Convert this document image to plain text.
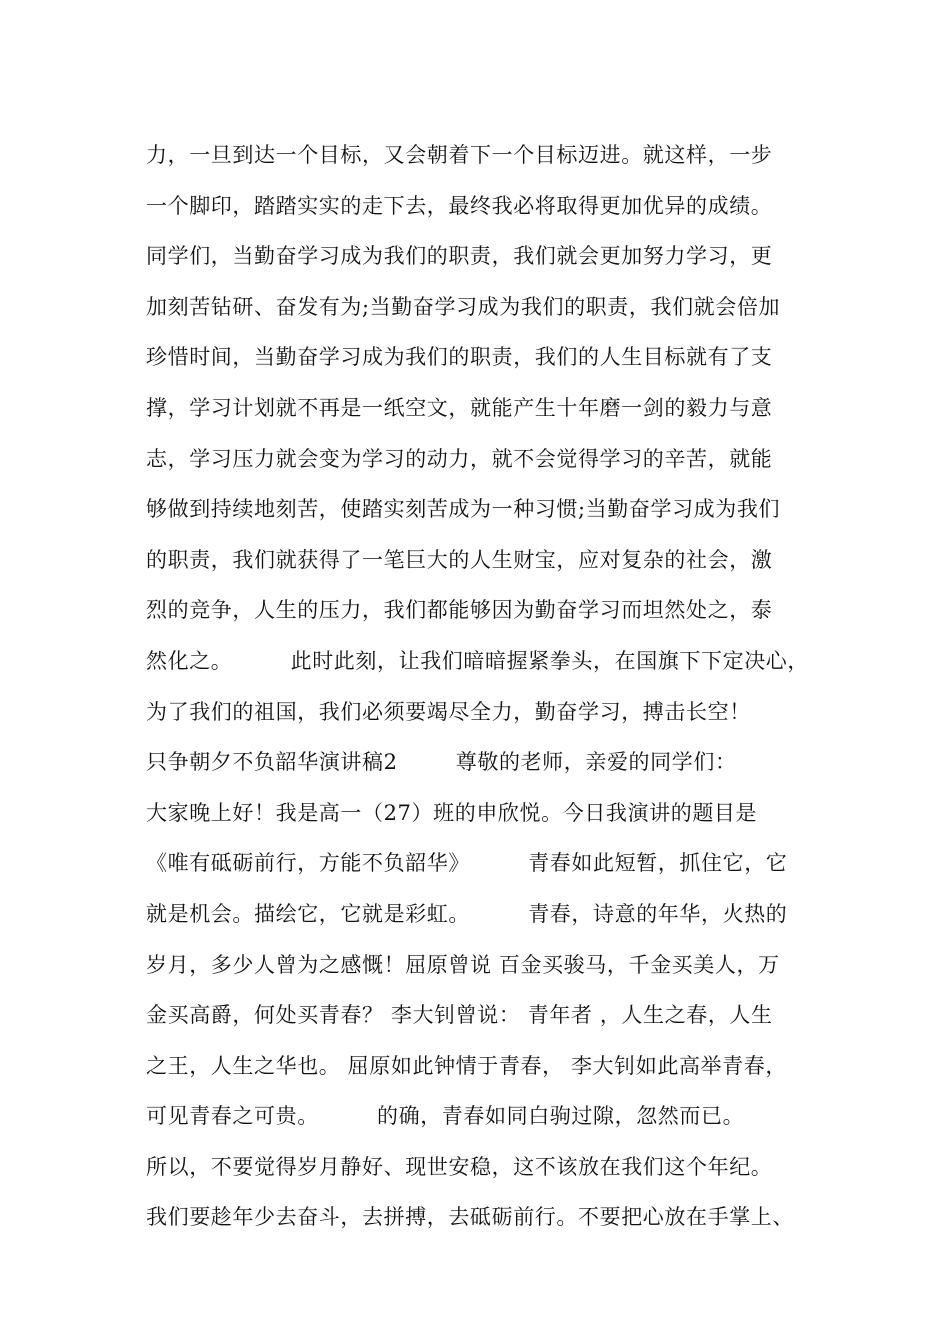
力，一旦到达一个目标，又会朝着下一个目标迈进。就这样，一步
一个脚印，踏踏实实的走下去，最终我必将取得更加优异的成绩。
同学们，当勤奋学习成为我们的职责，我们就会更加努力学习，更
加刻苦钻研、奋发有为;当勤奋学习成为我们的职责，我们就会倍加
珍惜时间，当勤奋学习成为我们的职责，我们的人生目标就有了支
撑，学习计划就不再是一纸空文，就能产生十年磨一剑的毅力与意
志，学习压力就会变为学习的动力，就不会觉得学习的辛苦，就能
够做到持续地刻苦，使踏实刻苦成为一种习惯;当勤奋学习成为我们
的职责，我们就获得了一笔巨大的人生财宝，应对复杂的社会，激
烈的竞争，人生的压力，我们都能够因为勤奋学习而坦然处之，泰
然化之。        此时此刻，让我们暗暗握紧拳头，在国旗下下定决心，
为了我们的祖国，我们必须要竭尽全力，勤奋学习，搏击长空！
只争朝夕不负韶华演讲稿2        尊敬的老师，亲爱的同学们：
大家晚上好！我是高一（27）班的申欣悦。今日我演讲的题目是
《唯有砥砺前行，方能不负韶华》        青春如此短暂，抓住它，它
就是机会。描绘它，它就是彩虹。        青春，诗意的年华，火热的
岁月，多少人曾为之感慨！屈原曾说 百金买骏马，千金买美人，万
金买高爵，何处买青春？ 李大钊曾说： 青年者 ，人生之春，人生
之王，人生之华也。 屈原如此钟情于青春， 李大钊如此高举青春，
可见青春之可贵。        的确，青春如同白驹过隙，忽然而已。
所以，不要觉得岁月静好、现世安稳，这不该放在我们这个年纪。
我们要趁年少去奋斗，去拼搏，去砥砺前行。不要把心放在手掌上、
